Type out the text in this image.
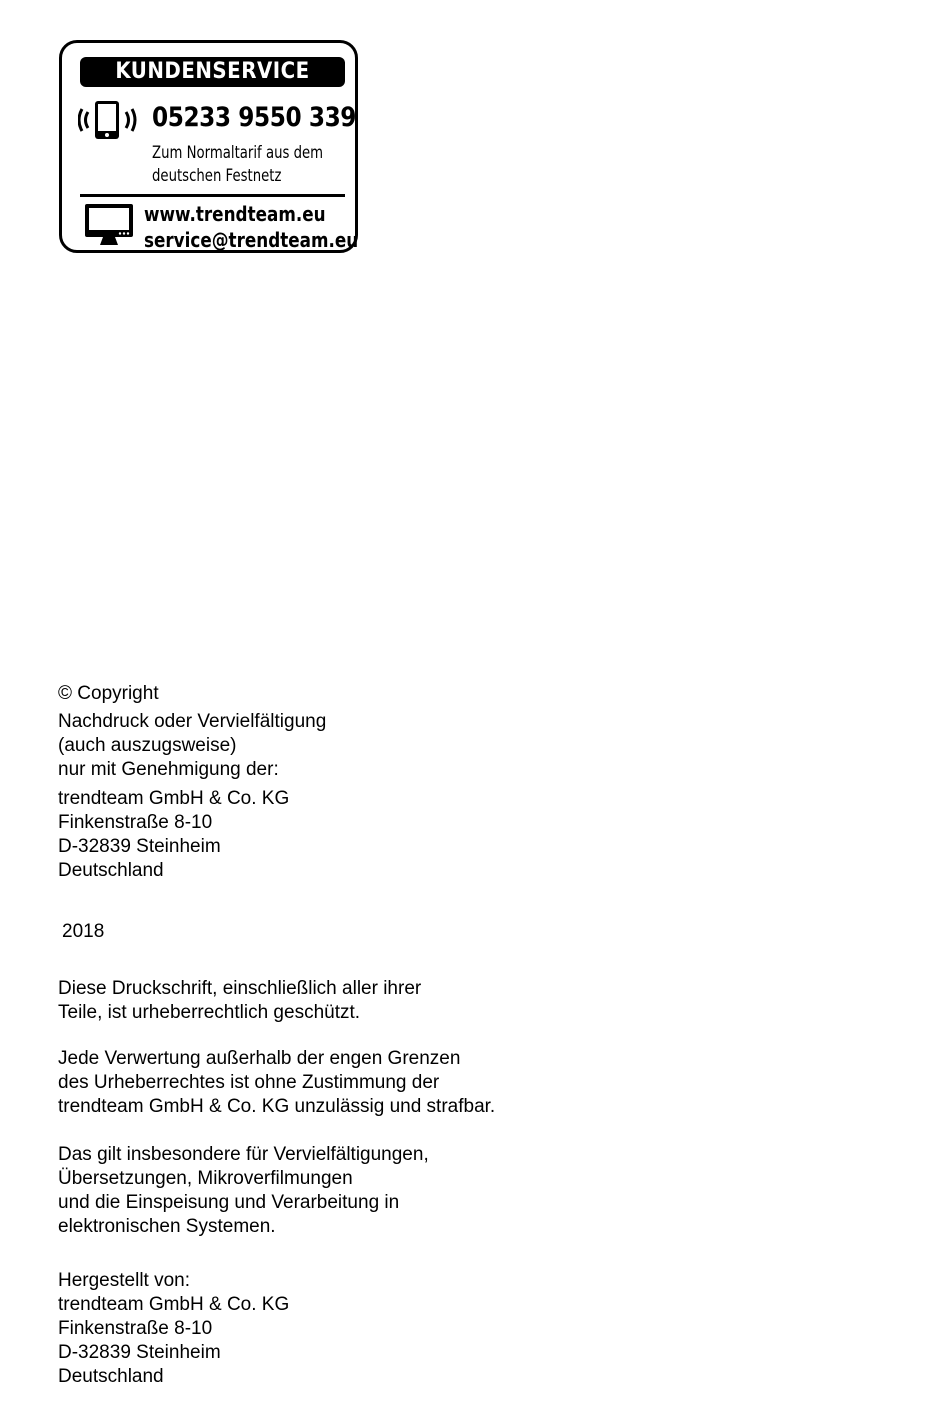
KUNDENSERVICE
05233 9550 339
Zum Normaltarif aus dem
deutschen Festnetz
www.trendteam.eu
service@trendteam.eu

© Copyright

Nachdruck oder Vervielfältigung

(auch auszugsweise)

nur mit Genehmigung der:

trendteam GmbH & Co. KG

Finkenstraße 8-10

D-32839 Steinheim

Deutschland

2018

Diese Druckschrift, einschließlich aller ihrer

Teile, ist urheberrechtlich geschützt.

Jede Verwertung außerhalb der engen Grenzen

des Urheberrechtes ist ohne Zustimmung der

trendteam GmbH & Co. KG unzulässig und strafbar.

Das gilt insbesondere für Vervielfältigungen,

Übersetzungen, Mikroverfilmungen

und die Einspeisung und Verarbeitung in

elektronischen Systemen.

Hergestellt von:

trendteam GmbH & Co. KG

Finkenstraße 8-10

D-32839 Steinheim

Deutschland
